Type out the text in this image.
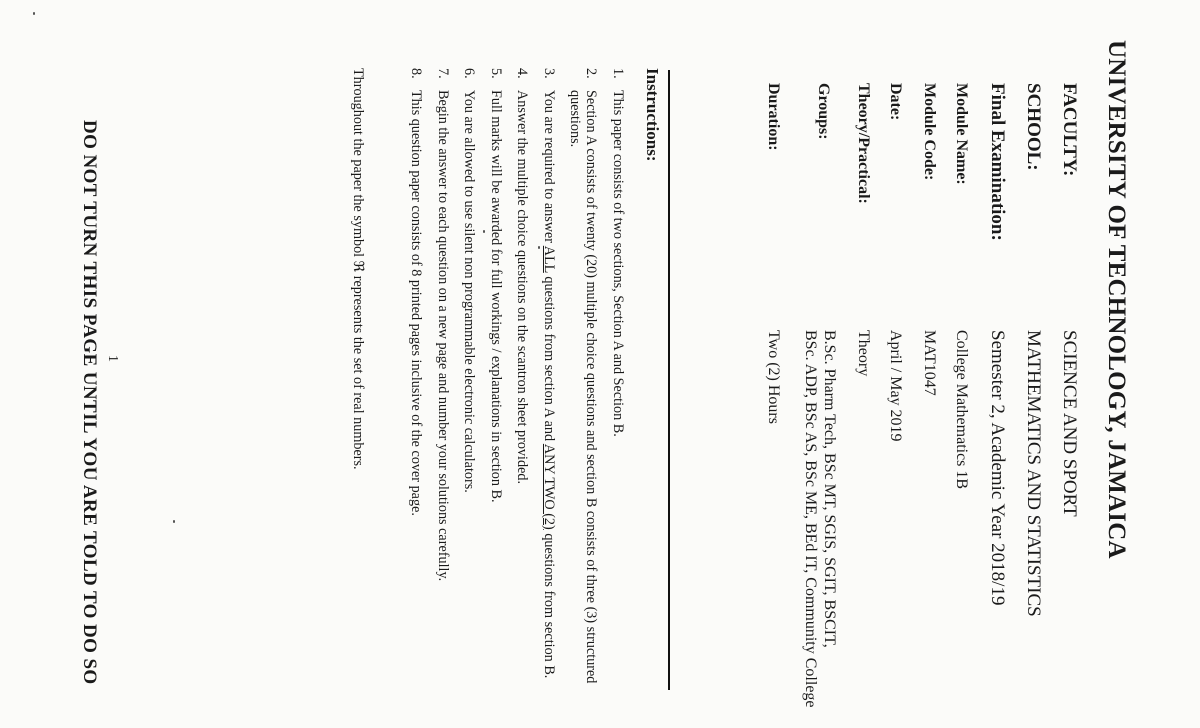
UNIVERSITY OF TECHNOLOGY, JAMAICA
FACULTY:
SCIENCE AND SPORT
SCHOOL:
MATHEMATICS AND STATISTICS
Final Examination:
Semester 2, Academic Year 2018/19
Module Name:
College Mathematics 1B
Module Code:
MAT1047
Date:
April / May 2019
Theory/Practical:
Theory
Groups:
B.Sc. Pharm Tech, BSc MT, SGIS, SGIT, BSCIT,
BSc. ADP, BSc AS, BSc ME, BEd IT, Community College
Duration:
Two (2) Hours
Instructions:
1.
This paper consists of two sections, Section A and Section B.
2.
Section A consists of twenty (20) multiple choice questions and section B consists of three (3) structured questions.
3.
You are required to answer ALL questions from section A and ANY TWO (2) questions from section B.
4.
Answer the multiple choice questions on the scantron sheet provided.
5.
Full marks will be awarded for full workings / explanations in section B.
6.
You are allowed to use silent non programmable electronic calculators.
7.
Begin the answer to each question on a new page and number your solutions carefully.
8.
This question paper consists of 8 printed pages inclusive of the cover page.
Throughout the paper the symbol ℜ represents the set of real numbers.
1
DO NOT TURN THIS PAGE UNTIL YOU ARE TOLD TO DO SO
